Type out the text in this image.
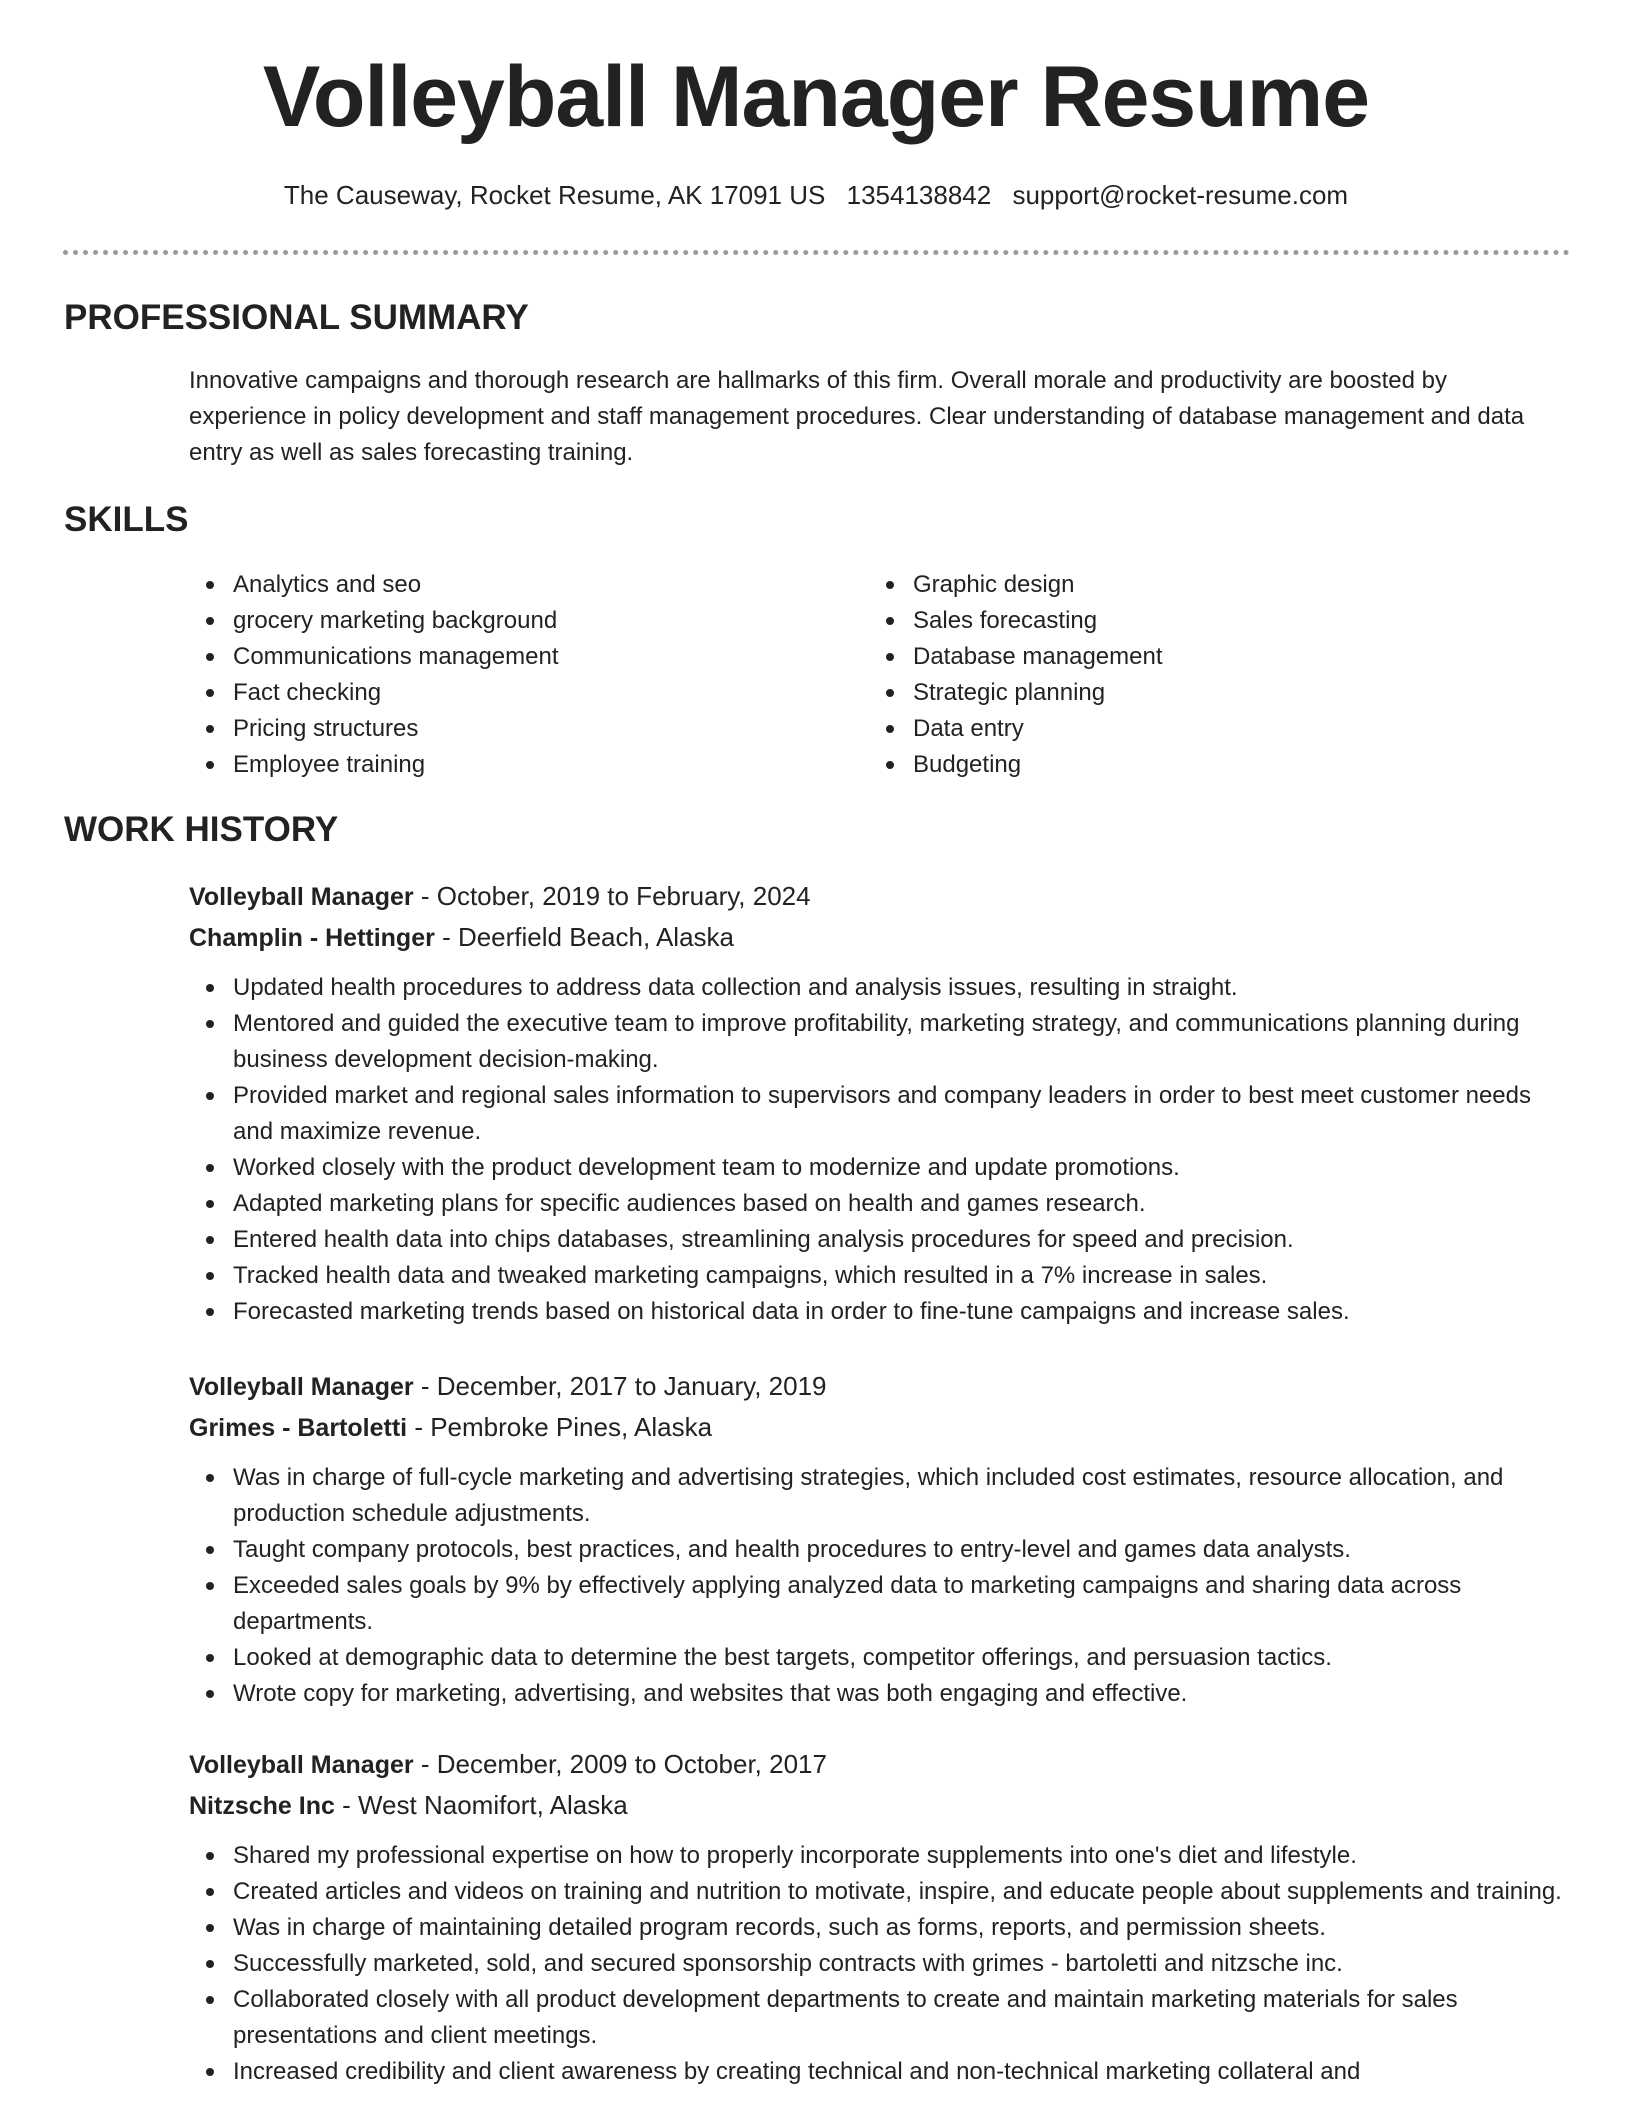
Volleyball Manager Resume
The Causeway, Rocket Resume, AK 17091 US 1354138842 support@rocket-resume.com
PROFESSIONAL SUMMARY
Innovative campaigns and thorough research are hallmarks of this firm. Overall morale and productivity are boosted by experience in policy development and staff management procedures. Clear understanding of database management and data entry as well as sales forecasting training.
SKILLS
Analytics and seo
grocery marketing background
Communications management
Fact checking
Pricing structures
Employee training
Graphic design
Sales forecasting
Database management
Strategic planning
Data entry
Budgeting
WORK HISTORY
Volleyball Manager - October, 2019 to February, 2024
Champlin - Hettinger - Deerfield Beach, Alaska
Updated health procedures to address data collection and analysis issues, resulting in straight.
Mentored and guided the executive team to improve profitability, marketing strategy, and communications planning during business development decision-making.
Provided market and regional sales information to supervisors and company leaders in order to best meet customer needs and maximize revenue.
Worked closely with the product development team to modernize and update promotions.
Adapted marketing plans for specific audiences based on health and games research.
Entered health data into chips databases, streamlining analysis procedures for speed and precision.
Tracked health data and tweaked marketing campaigns, which resulted in a 7% increase in sales.
Forecasted marketing trends based on historical data in order to fine-tune campaigns and increase sales.
Volleyball Manager - December, 2017 to January, 2019
Grimes - Bartoletti - Pembroke Pines, Alaska
Was in charge of full-cycle marketing and advertising strategies, which included cost estimates, resource allocation, and production schedule adjustments.
Taught company protocols, best practices, and health procedures to entry-level and games data analysts.
Exceeded sales goals by 9% by effectively applying analyzed data to marketing campaigns and sharing data across departments.
Looked at demographic data to determine the best targets, competitor offerings, and persuasion tactics.
Wrote copy for marketing, advertising, and websites that was both engaging and effective.
Volleyball Manager - December, 2009 to October, 2017
Nitzsche Inc - West Naomifort, Alaska
Shared my professional expertise on how to properly incorporate supplements into one's diet and lifestyle.
Created articles and videos on training and nutrition to motivate, inspire, and educate people about supplements and training.
Was in charge of maintaining detailed program records, such as forms, reports, and permission sheets.
Successfully marketed, sold, and secured sponsorship contracts with grimes - bartoletti and nitzsche inc.
Collaborated closely with all product development departments to create and maintain marketing materials for sales presentations and client meetings.
Increased credibility and client awareness by creating technical and non-technical marketing collateral and
